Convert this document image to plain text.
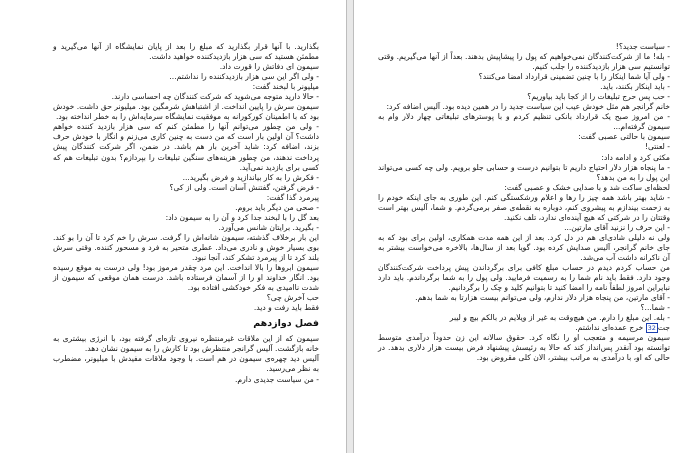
بگذارید. با آنها قرار بگذارید که مبلغ را بعد از پایان نمایشگاه از آنها می‌گیرید و مطمئن هستید که سی هزار بازدیدکننده خواهید داشت.

سیمون ای دفاتش را قورت داد.

- ولی اگر این سی هزار بازدیدکننده را نداشتم...

میلیونر با لبخند گفت:

- حالا دارید متوجه می‌شوید که شرکت کنندگان چه احساسی دارند.

سیمون سرش را پایین انداخت. از اشتباهش شرمگین بود. میلیونر حق داشت. خودش بود که با اطمینان کورکورانه به موفقیت نمایشگاه سرمایه‌اش را به خطر انداخته بود.

- ولی من چطور می‌توانم آنها را مطمئن کنم که سی هزار بازدید کننده خواهم داشت؟ آن اولین بار است که من دست به چنین کاری می‌زنم و انگار با خودش حرف بزند، اضافه کرد: شاید آخرین بار هم باشد. در ضمن، اگر شرکت کنندگان پیش پرداخت ندهند، من چطور هزینه‌های سنگین تبلیغات را بپردازم؟ بدون تبلیغات هم که کسی برای بازدید نمی‌آید.

- فکرش را به کار بیاندازید و فرض بگیرید...

- فرض گرفتن، گفتنش آسان است. ولی از کی؟

پیرمرد گذا گفت:

- صحی من دیگر باید بروم.

بعد گل را با لبخند جدا کرد و آن را به سیمون داد:

- بگیرید. برایتان شانس می‌آورد.

این بار برخلاف گذشته، سیمون شانه‌اش را گرفت. سرش را خم کرد تا آن را بو کند. بوی بسیار خوش و نادری می‌داد. عطری متحیر به فرد و مسحور کننده. وقتی سرش بلند کرد تا از پیرمرد تشکر کند، آنجا نبود.

سیمون ابروها را بالا انداخت. این مرد چقدر مرموز بود! ولی درست به موقع رسیده بود. انگار خداوند او را از آسمان فرستاده باشد. درست همان موقعی که سیمون از شدت ناامیدی به فکر خودکشی افتاده بود.

حب آخرش چی؟

فقط باید رفت و دید.

فصل دوازدهم

سیمون که از این ملاقات غیرمنتظره نیروی تازه‌ای گرفته بود، با انرژی بیشتری به خانه بازگشت. آلیس گرانجر منتظرش بود تا کارش را به سیمون نشان دهد.

آلیس دید چهره‌ی سیمون در هم است. با وجود ملاقات مفیدش با میلیونر، مضطرب به نظر می‌رسید.

- من سیاست جدیدی دارم.

- سیاست جدید؟!

- بله! ما از شرکت‌کنندگان نمی‌خواهیم که پول را پیشاپیش بدهند. بعداً از آنها می‌گیریم. وقتی توانستیم سی هزار بازدیدکننده را جلب کنیم.

- ولی آیا شما اینکار را با چنین تضمینی قرارداد امضا می‌کنند؟

- باید اینکار بکنند، باید.

- حب پس حرج تبلیغات را از کجا باید بیاوریم؟

خانم گرانجر هم مثل خودش عیب این سیاست جدید را در همین دیده بود. آلیس اضافه کرد:

- من امروز صبح یک قرارداد بانکی تنظیم کردم و با پوسترهای تبلیغاتی چهار دلار وام به سیمون گرفته‌ام...

سیمون با حالتی عصبی گفت:

- لعنتی!

مکثی کرد و ادامه داد:

- ما پنجاه هزار دلار احتیاج داریم تا بتوانیم درست و حسابی جلو برویم. ولی چه کسی می‌تواند این پول را به من بدهد؟

لحظه‌ای ساکت شد و با صدایی خشک و عصبی گفت:

- شاید بهتر باشد همه چیز را رها و اعلام ورشکستگی کنم. این طوری به جای اینکه خودم را به زحمت بیندازم به پیشروی کنم، دوباره به نقطه‌ی صفر برمی‌گردم. و شما، آلیس بهتر است وقتتان را در شرکتی که هیچ آینده‌ای ندارد، تلف نکنید.

- این حرف را نزنید آقای مارتین...

ولی نه دلیلی شادی‌ای هم در دل کرد. بعد از این همه مدت همکاری، اولین برای بود که به جای خانم گرانجر، آلیس صدایش کرده بود. گویا بعد از سال‌ها، بالاخره می‌خواست بیشتر به آن ناکرانه داشت آب می‌شد.

من حساب کردم دیدم در حساب مبلغ کافی برای برگرداندن پیش پرداخت شرکت‌کنندگان وجود دارد. فقط باید نام شما را به رسمیت فرمایید. ولی پول را به شما برگرداندم. باید دارد نبایراین امروز لطفاً نامه را امضا کنید تا بتوانیم کلید و چک را برگردانیم.

- آقای مارتین، من پنجاه هزار دلار ندارم، ولی می‌توانم بیست هزارتا به شما بدهم.

- شما...؟

- بله. این مبلغ را دارم. من هیچ‌وقت به غیر از ویلایم در بالکم بیچ و لیبر

جت32 خرج عمده‌ای نداشتم.

سیمون مرسیمه و متعجب او را نگاه کرد. حقوق سالانه این زن حدوداً درآمدی متوسط توانسته بود آنقدر پس‌انداز کند که حالا به رئیسش پیشنهاد فرض بیست هزار دلاری بدهد. در حالی که او، با درآمدی به مراتب بیشتر، الان کلی مقروض بود.
